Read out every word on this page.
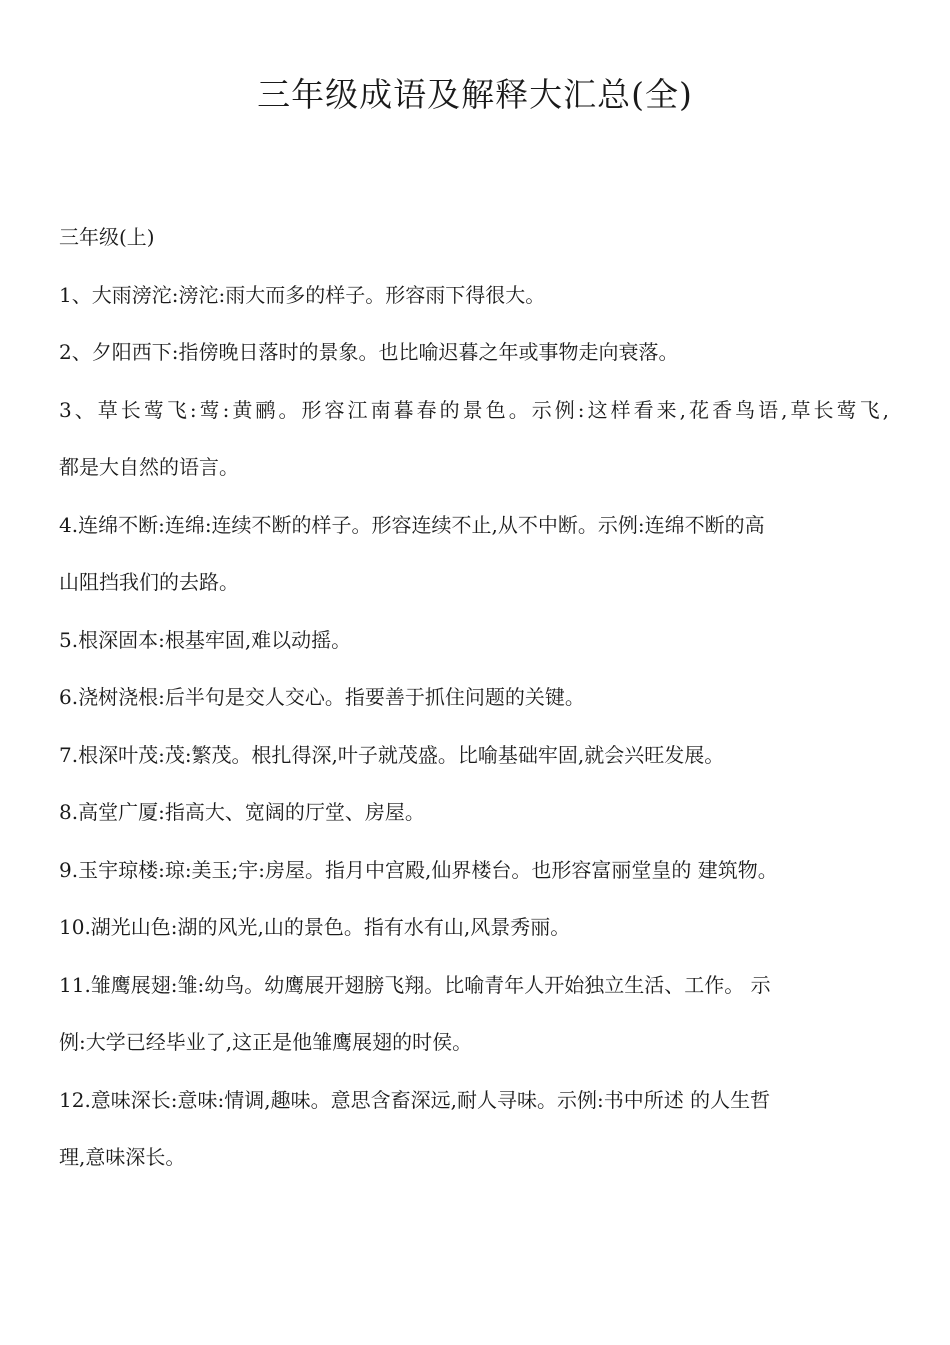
三年级成语及解释大汇总(全)
三年级(上)
1、大雨滂沱:滂沱:雨大而多的样子。形容雨下得很大。
2、夕阳西下:指傍晚日落时的景象。也比喻迟暮之年或事物走向衰落。
3、草长莺飞:莺:黄鹂。形容江南暮春的景色。示例:这样看来,花香鸟语,草长莺飞,
都是大自然的语言。
4.连绵不断:连绵:连续不断的样子。形容连续不止,从不中断。示例:连绵不断的高
山阻挡我们的去路。
5.根深固本:根基牢固,难以动摇。
6.浇树浇根:后半句是交人交心。指要善于抓住问题的关键。
7.根深叶茂:茂:繁茂。根扎得深,叶子就茂盛。比喻基础牢固,就会兴旺发展。
8.高堂广厦:指高大、宽阔的厅堂、房屋。
9.玉宇琼楼:琼:美玉;宇:房屋。指月中宫殿,仙界楼台。也形容富丽堂皇的 建筑物。
10.湖光山色:湖的风光,山的景色。指有水有山,风景秀丽。
11.雏鹰展翅:雏:幼鸟。幼鹰展开翅膀飞翔。比喻青年人开始独立生活、工作。 示
例:大学已经毕业了,这正是他雏鹰展翅的时侯。
12.意味深长:意味:情调,趣味。意思含畜深远,耐人寻味。示例:书中所述 的人生哲
理,意味深长。
